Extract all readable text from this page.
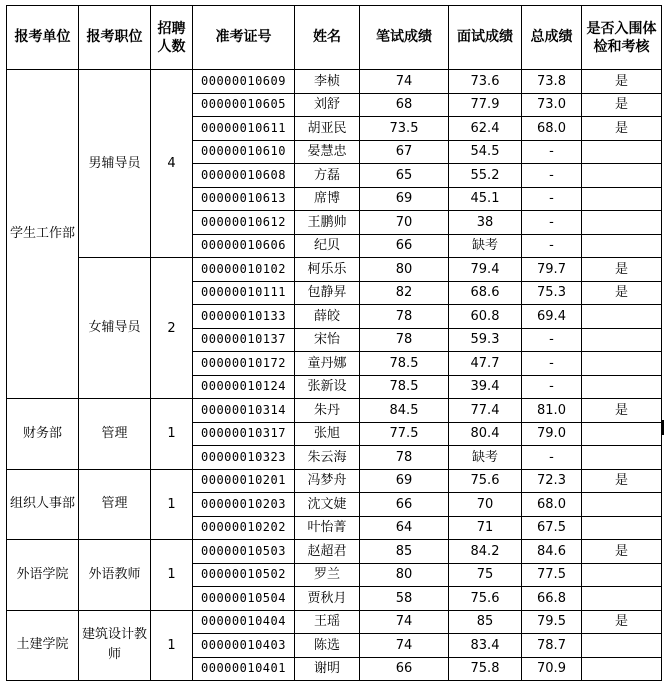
报考单位	报考职位	招聘人数	准考证号	姓名	笔试成绩	面试成绩	总成绩	是否入围体检和考核
学生工作部	男辅导员	4	00000010609	李桢	74	73.6	73.8	是
			00000010605	刘舒	68	77.9	73.0	是
			00000010611	胡亚民	73.5	62.4	68.0	是
			00000010610	晏慧忠	67	54.5	-	
			00000010608	方磊	65	55.2	-	
			00000010613	席博	69	45.1	-	
			00000010612	王鹏帅	70	38	-	
			00000010606	纪贝	66	缺考	-	
	女辅导员	2	00000010102	柯乐乐	80	79.4	79.7	是
			00000010111	包静昇	82	68.6	75.3	是
			00000010133	薛皎	78	60.8	69.4	
			00000010137	宋怡	78	59.3	-	
			00000010172	童丹娜	78.5	47.7	-	
			00000010124	张新设	78.5	39.4	-	
财务部	管理	1	00000010314	朱丹	84.5	77.4	81.0	是
			00000010317	张旭	77.5	80.4	79.0	
			00000010323	朱云海	78	缺考	-	
组织人事部	管理	1	00000010201	冯梦舟	69	75.6	72.3	是
			00000010203	沈文婕	66	70	68.0	
			00000010202	叶怡菁	64	71	67.5	
外语学院	外语教师	1	00000010503	赵超君	85	84.2	84.6	是
			00000010502	罗兰	80	75	77.5	
			00000010504	贾秋月	58	75.6	66.8	
土建学院	建筑设计教师	1	00000010404	王瑶	74	85	79.5	是
			00000010403	陈选	74	83.4	78.7	
			00000010401	谢明	66	75.8	70.9	
